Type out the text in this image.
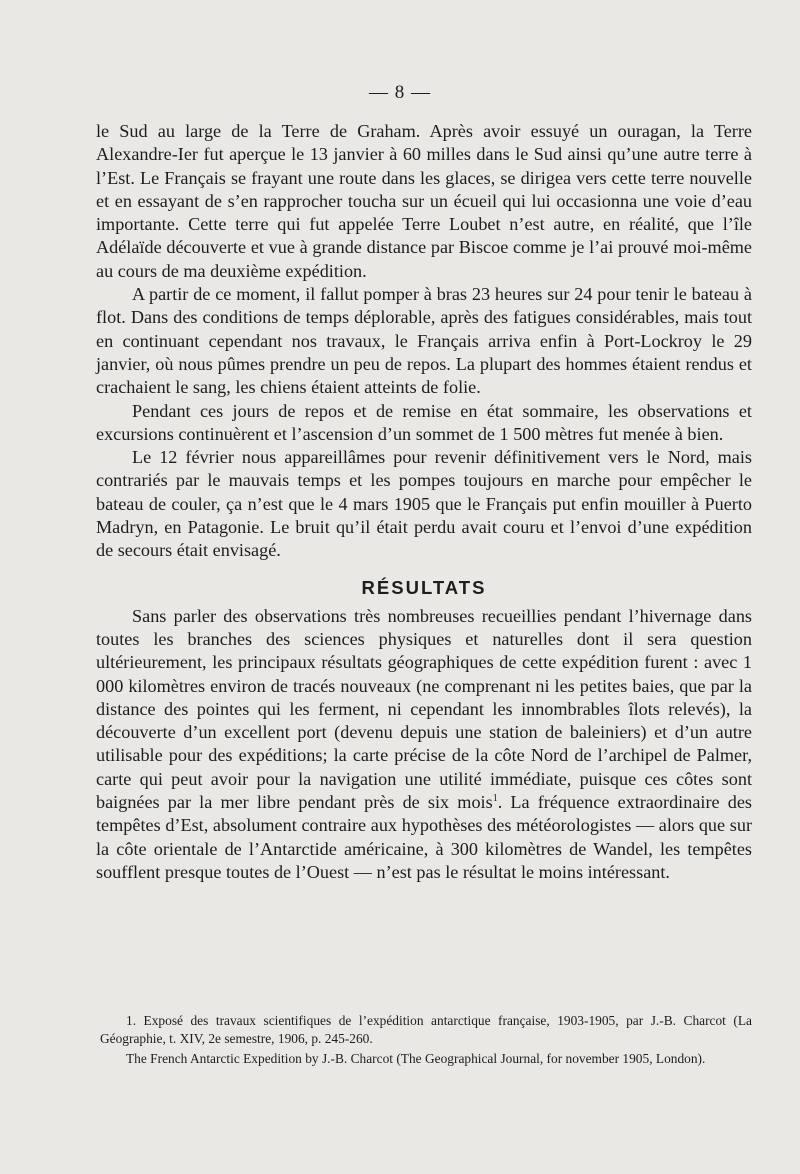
— 8 —

le Sud au large de la Terre de Graham. Après avoir essuyé un ouragan, la Terre Alexandre-Ier fut aperçue le 13 janvier à 60 milles dans le Sud ainsi qu’une autre terre à l’Est. Le Français se frayant une route dans les glaces, se dirigea vers cette terre nouvelle et en essayant de s’en rapprocher toucha sur un écueil qui lui occasionna une voie d’eau importante. Cette terre qui fut appelée Terre Loubet n’est autre, en réalité, que l’île Adélaïde découverte et vue à grande distance par Biscoe comme je l’ai prouvé moi-même au cours de ma deuxième expédition.

A partir de ce moment, il fallut pomper à bras 23 heures sur 24 pour tenir le bateau à flot. Dans des conditions de temps déplorable, après des fatigues considérables, mais tout en continuant cependant nos travaux, le Français arriva enfin à Port-Lockroy le 29 janvier, où nous pûmes prendre un peu de repos. La plupart des hommes étaient rendus et crachaient le sang, les chiens étaient atteints de folie.

Pendant ces jours de repos et de remise en état sommaire, les observations et excursions continuèrent et l’ascension d’un sommet de 1 500 mètres fut menée à bien.

Le 12 février nous appareillâmes pour revenir définitivement vers le Nord, mais contrariés par le mauvais temps et les pompes toujours en marche pour empêcher le bateau de couler, ça n’est que le 4 mars 1905 que le Français put enfin mouiller à Puerto Madryn, en Patagonie. Le bruit qu’il était perdu avait couru et l’envoi d’une expédition de secours était envisagé.

RÉSULTATS

Sans parler des observations très nombreuses recueillies pendant l’hivernage dans toutes les branches des sciences physiques et naturelles dont il sera question ultérieurement, les principaux résultats géographiques de cette expédition furent : avec 1 000 kilomètres environ de tracés nouveaux (ne comprenant ni les petites baies, que par la distance des pointes qui les ferment, ni cependant les innombrables îlots relevés), la découverte d’un excellent port (devenu depuis une station de baleiniers) et d’un autre utilisable pour des expéditions; la carte précise de la côte Nord de l’archipel de Palmer, carte qui peut avoir pour la navigation une utilité immédiate, puisque ces côtes sont baignées par la mer libre pendant près de six mois$^1$. La fréquence extraordinaire des tempêtes d’Est, absolument contraire aux hypothèses des météorologistes — alors que sur la côte orientale de l’Antarctide américaine, à 300 kilomètres de Wandel, les tempêtes soufflent presque toutes de l’Ouest — n’est pas le résultat le moins intéressant.

1. Exposé des travaux scientifiques de l’expédition antarctique française, 1903-1905, par J.-B. Charcot (La Géographie, t. XIV, 2e semestre, 1906, p. 245-260.

The French Antarctic Expedition by J.-B. Charcot (The Geographical Journal, for november 1905, London).
